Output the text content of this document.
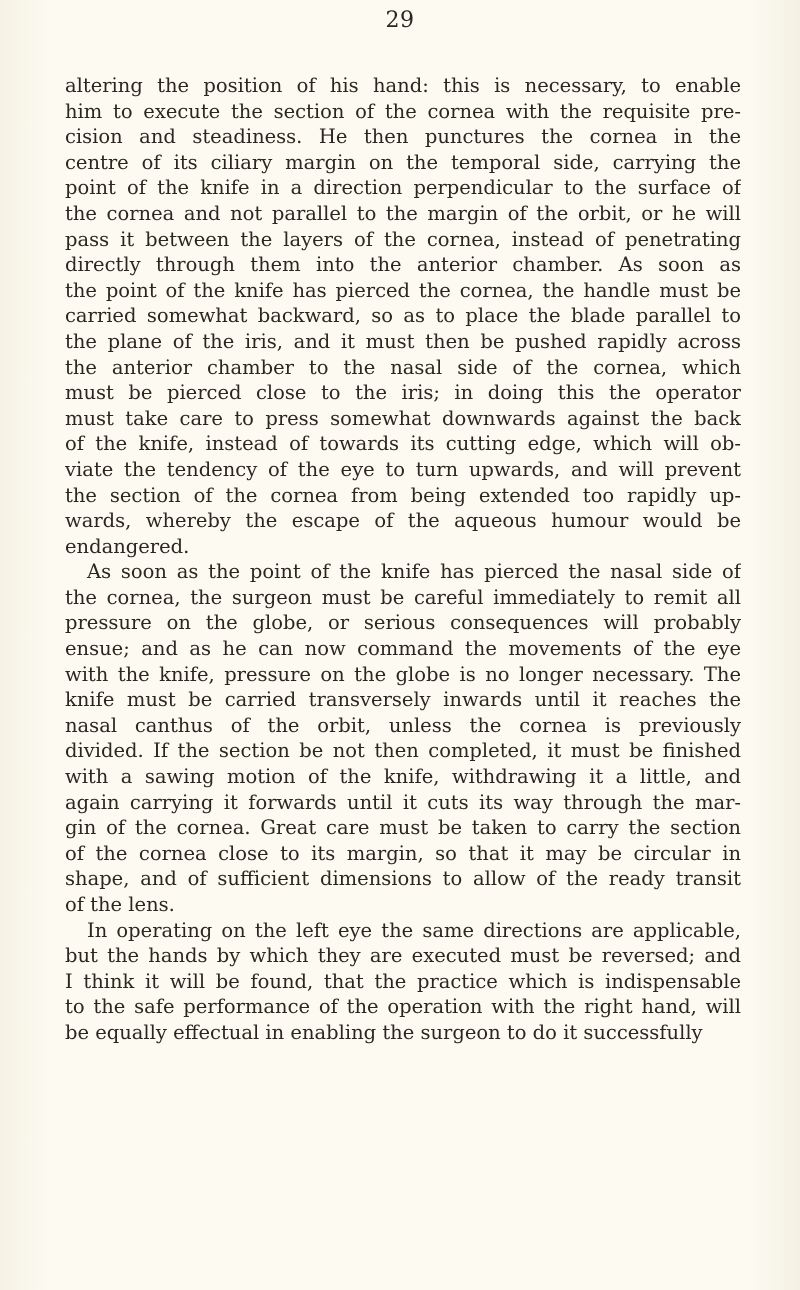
29
altering the position of his hand: this is necessary, to enable
him to execute the section of the cornea with the requisite pre-
cision and steadiness. He then punctures the cornea in the
centre of its ciliary margin on the temporal side, carrying the
point of the knife in a direction perpendicular to the surface of
the cornea and not parallel to the margin of the orbit, or he will
pass it between the layers of the cornea, instead of penetrating
directly through them into the anterior chamber. As soon as
the point of the knife has pierced the cornea, the handle must be
carried somewhat backward, so as to place the blade parallel to
the plane of the iris, and it must then be pushed rapidly across
the anterior chamber to the nasal side of the cornea, which
must be pierced close to the iris; in doing this the operator
must take care to press somewhat downwards against the back
of the knife, instead of towards its cutting edge, which will ob-
viate the tendency of the eye to turn upwards, and will prevent
the section of the cornea from being extended too rapidly up-
wards, whereby the escape of the aqueous humour would be
endangered.
As soon as the point of the knife has pierced the nasal side of
the cornea, the surgeon must be careful immediately to remit all
pressure on the globe, or serious consequences will probably
ensue; and as he can now command the movements of the eye
with the knife, pressure on the globe is no longer necessary. The
knife must be carried transversely inwards until it reaches the
nasal canthus of the orbit, unless the cornea is previously
divided. If the section be not then completed, it must be finished
with a sawing motion of the knife, withdrawing it a little, and
again carrying it forwards until it cuts its way through the mar-
gin of the cornea. Great care must be taken to carry the section
of the cornea close to its margin, so that it may be circular in
shape, and of sufficient dimensions to allow of the ready transit
of the lens.
In operating on the left eye the same directions are applicable,
but the hands by which they are executed must be reversed; and
I think it will be found, that the practice which is indispensable
to the safe performance of the operation with the right hand, will
be equally effectual in enabling the surgeon to do it successfully
